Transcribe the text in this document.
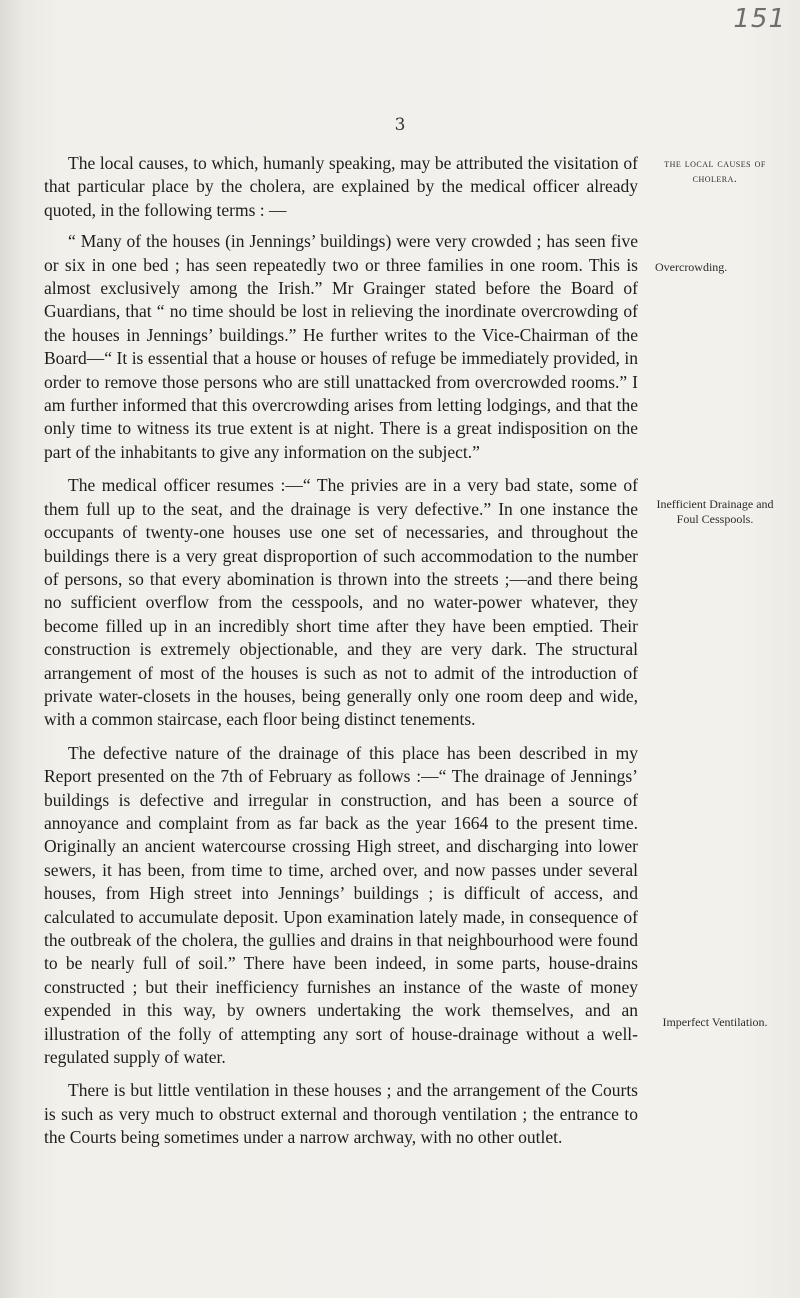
151
3

The local causes, to which, humanly speaking, may be attributed the visitation of that particular place by the cholera, are explained by the medical officer already quoted, in the following terms : —

“ Many of the houses (in Jennings’ buildings) were very crowded ; has seen five or six in one bed ; has seen repeatedly two or three families in one room. This is almost exclusively among the Irish.” Mr Grainger stated before the Board of Guardians, that “ no time should be lost in relieving the inordinate overcrowding of the houses in Jennings’ buildings.” He further writes to the Vice-Chairman of the Board—“ It is essential that a house or houses of refuge be immediately provided, in order to remove those persons who are still unattacked from overcrowded rooms.” I am further informed that this overcrowding arises from letting lodgings, and that the only time to witness its true extent is at night. There is a great indisposition on the part of the inhabitants to give any information on the subject.”

The medical officer resumes :—“ The privies are in a very bad state, some of them full up to the seat, and the drainage is very defective.” In one instance the occupants of twenty-one houses use one set of necessaries, and throughout the buildings there is a very great disproportion of such accommodation to the number of persons, so that every abomination is thrown into the streets ;—and there being no sufficient overflow from the cesspools, and no water-power whatever, they become filled up in an incredibly short time after they have been emptied. Their construction is extremely objectionable, and they are very dark. The structural arrangement of most of the houses is such as not to admit of the introduction of private water-closets in the houses, being generally only one room deep and wide, with a common staircase, each floor being distinct tenements.

The defective nature of the drainage of this place has been described in my Report presented on the 7th of February as follows :—“ The drainage of Jennings’ buildings is defective and irregular in construction, and has been a source of annoyance and complaint from as far back as the year 1664 to the present time. Originally an ancient watercourse crossing High street, and discharging into lower sewers, it has been, from time to time, arched over, and now passes under several houses, from High street into Jennings’ buildings ; is difficult of access, and calculated to accumulate deposit. Upon examination lately made, in consequence of the outbreak of the cholera, the gullies and drains in that neighbourhood were found to be nearly full of soil.” There have been indeed, in some parts, house-drains constructed ; but their inefficiency furnishes an instance of the waste of money expended in this way, by owners undertaking the work themselves, and an illustration of the folly of attempting any sort of house-drainage without a well-regulated supply of water.

There is but little ventilation in these houses ; and the arrangement of the Courts is such as very much to obstruct external and thorough ventilation ; the entrance to the Courts being sometimes under a narrow archway, with no other outlet.

the local causes of cholera.
Overcrowding.
Inefficient Drainage and Foul Cesspools.
Imperfect Ventilation.
